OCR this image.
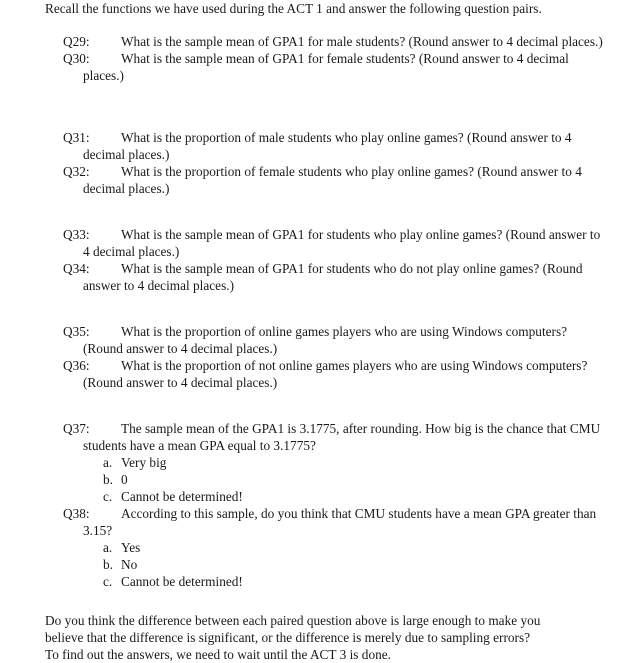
Recall the functions we have used during the ACT 1 and answer the following question pairs.

Q29: What is the sample mean of GPA1 for male students? (Round answer to 4 decimal places.)

Q30: What is the sample mean of GPA1 for female students? (Round answer to 4 decimal places.)

Q31: What is the proportion of male students who play online games? (Round answer to 4 decimal places.)

Q32: What is the proportion of female students who play online games? (Round answer to 4 decimal places.)

Q33: What is the sample mean of GPA1 for students who play online games? (Round answer to 4 decimal places.)

Q34: What is the sample mean of GPA1 for students who do not play online games? (Round answer to 4 decimal places.)

Q35: What is the proportion of online games players who are using Windows computers? (Round answer to 4 decimal places.)

Q36: What is the proportion of not online games players who are using Windows computers? (Round answer to 4 decimal places.)

Q37: The sample mean of the GPA1 is 3.1775, after rounding. How big is the chance that CMU students have a mean GPA equal to 3.1775?

a. Very big
b. 0
c. Cannot be determined!

Q38: According to this sample, do you think that CMU students have a mean GPA greater than 3.15?

a. Yes
b. No
c. Cannot be determined!

Do you think the difference between each paired question above is large enough to make you

believe that the difference is significant, or the difference is merely due to sampling errors?

To find out the answers, we need to wait until the ACT 3 is done.
